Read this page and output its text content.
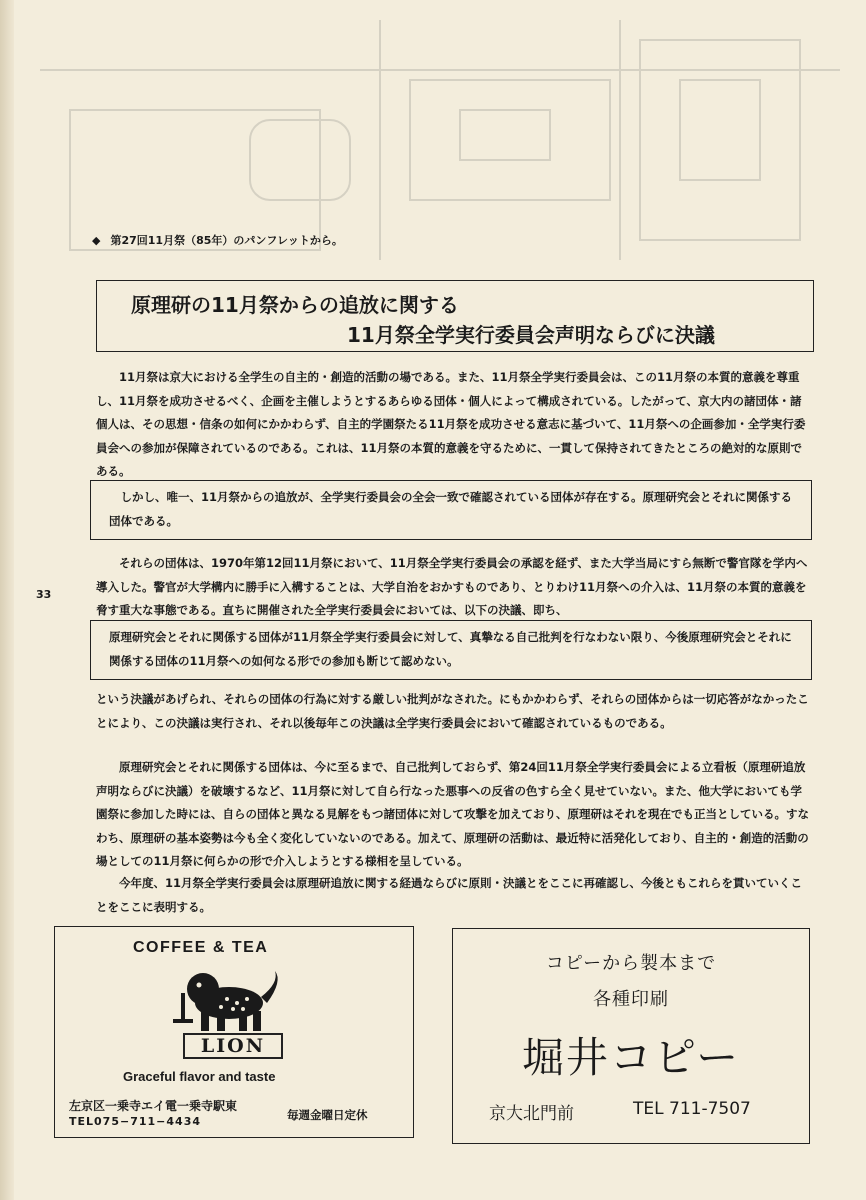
◆ 第27回11月祭（85年）のパンフレットから。
原理研の11月祭からの追放に関する
11月祭全学実行委員会声明ならびに決議

11月祭は京大における全学生の自主的・創造的活動の場である。また、11月祭全学実行委員会は、この11月祭の本質的意義を尊重し、11月祭を成功させるべく、企画を主催しようとするあらゆる団体・個人によって構成されている。したがって、京大内の諸団体・諸個人は、その思想・信条の如何にかかわらず、自主的学園祭たる11月祭を成功させる意志に基づいて、11月祭への企画参加・全学実行委員会への参加が保障されているのである。これは、11月祭の本質的意義を守るために、一貫して保持されてきたところの絶対的な原則である。

しかし、唯一、11月祭からの追放が、全学実行委員会の全会一致で確認されている団体が存在する。原理研究会とそれに関係する団体である。

それらの団体は、1970年第12回11月祭において、11月祭全学実行委員会の承認を経ず、また大学当局にすら無断で警官隊を学内へ導入した。警官が大学構内に勝手に入構することは、大学自治をおかすものであり、とりわけ11月祭への介入は、11月祭の本質的意義を脅す重大な事態である。直ちに開催された全学実行委員会においては、以下の決議、即ち、

33

原理研究会とそれに関係する団体が11月祭全学実行委員会に対して、真摯なる自己批判を行なわない限り、今後原理研究会とそれに関係する団体の11月祭への如何なる形での参加も断じて認めない。

という決議があげられ、それらの団体の行為に対する厳しい批判がなされた。にもかかわらず、それらの団体からは一切応答がなかったことにより、この決議は実行され、それ以後毎年この決議は全学実行委員会において確認されているものである。

原理研究会とそれに関係する団体は、今に至るまで、自己批判しておらず、第24回11月祭全学実行委員会による立看板（原理研追放声明ならびに決議）を破壊するなど、11月祭に対して自ら行なった悪事への反省の色すら全く見せていない。また、他大学においても学園祭に参加した時には、自らの団体と異なる見解をもつ諸団体に対して攻撃を加えており、原理研はそれを現在でも正当としている。すなわち、原理研の基本姿勢は今も全く変化していないのである。加えて、原理研の活動は、最近特に活発化しており、自主的・創造的活動の場としての11月祭に何らかの形で介入しようとする様相を呈している。

今年度、11月祭全学実行委員会は原理研追放に関する経過ならびに原則・決議とをここに再確認し、今後ともこれらを貫いていくことをここに表明する。

COFFEE & TEA
LION
Graceful flavor and taste
左京区一乗寺エイ電一乗寺駅東
TEL075−711−4434	毎週金曜日定休
コピーから製本まで
各種印刷
堀井コピー
京大北門前	TEL 711-7507
